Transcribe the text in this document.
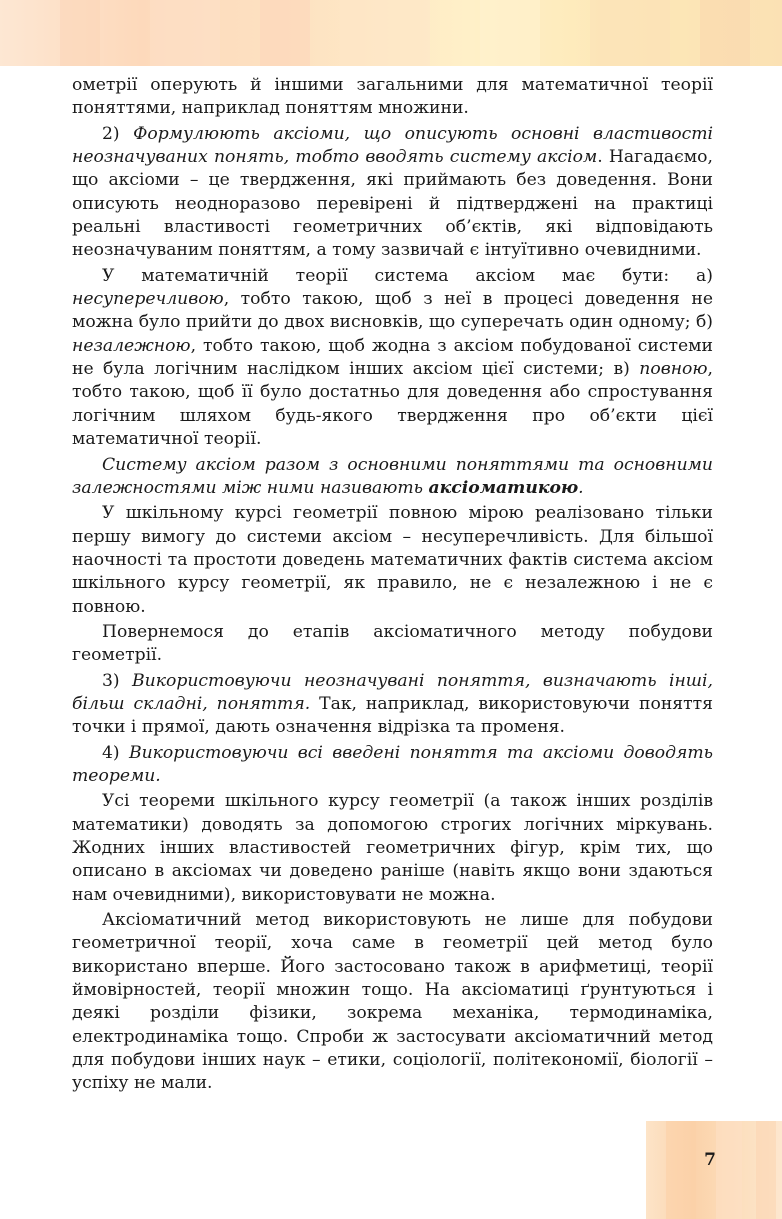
ометрії оперують й іншими загальними для математичної теорії поняттями, наприклад поняттям множини.

2) Формулюють аксіоми, що описують основні властивості неозначуваних понять, тобто вводять систему аксіом. Нагадаємо, що аксіоми – це твердження, які приймають без доведення. Вони описують неодноразово перевірені й підтверджені на практиці реальні властивості геометричних об’єктів, які відповідають неозначуваним поняттям, а тому зазвичай є інтуїтивно очевидними.

У математичній теорії система аксіом має бути: а) несуперечливою, тобто такою, щоб з неї в процесі доведення не можна було прийти до двох висновків, що суперечать один одному; б) незалежною, тобто такою, щоб жодна з аксіом побудованої системи не була логічним наслідком інших аксіом цієї системи; в) повною, тобто такою, щоб її було достатньо для доведення або спростування логічним шляхом будь-якого твердження про об’єкти цієї математичної теорії.

Систему аксіом разом з основними поняттями та основними залежностями між ними називають аксіоматикою.

У шкільному курсі геометрії повною мірою реалізовано тільки першу вимогу до системи аксіом – несуперечливість. Для більшої наочності та простоти доведень математичних фактів система аксіом шкільного курсу геометрії, як правило, не є незалежною і не є повною.

Повернемося до етапів аксіоматичного методу побудови геометрії.

3) Використовуючи неозначувані поняття, визначають інші, більш складні, поняття. Так, наприклад, використовуючи поняття точки і прямої, дають означення відрізка та променя.

4) Використовуючи всі введені поняття та аксіоми доводять теореми.

Усі теореми шкільного курсу геометрії (а також інших розділів математики) доводять за допомогою строгих логічних міркувань. Жодних інших властивостей геометричних фігур, крім тих, що описано в аксіомах чи доведено раніше (навіть якщо вони здаються нам очевидними), використовувати не можна.

Аксіоматичний метод використовують не лише для побудови геометричної теорії, хоча саме в геометрії цей метод було використано вперше. Його застосовано також в арифметиці, теорії ймовірностей, теорії множин тощо. На аксіоматиці ґрунтуються і деякі розділи фізики, зокрема механіка, термодинаміка, електродинаміка тощо. Спроби ж застосувати аксіоматичний метод для побудови інших наук – етики, соціології, політекономії, біології – успіху не мали.

7
